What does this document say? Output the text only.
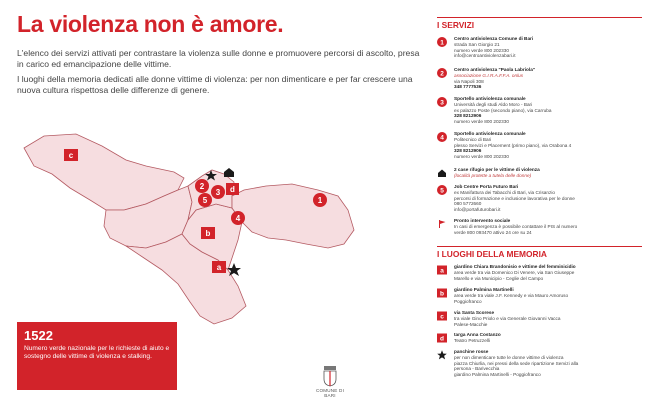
La violenza non è amore.

L'elenco dei servizi attivati per contrastare la violenza sulle donne e promuovere percorsi di ascolto, presa in carico ed emancipazione delle vittime.

I luoghi della memoria dedicati alle donne vittime di violenza: per non dimenticare e per far crescere una nuova cultura rispettosa delle differenze di genere.

c
1
2
3 d
5
4
b
a
1522
Numero verde nazionale per le richieste di aiuto e sostegno delle vittime di violenza e stalking.
COMUNE DI BARI
I SERVIZI
1
Centro antiviolenza Comune di Bari
strada San Giorgio 21
numero verde 800 202330
info@centroantiviolenzabari.it
2
Centro antiviolenza "Paola Labriola"
associazione G.I.R.A.F.F.A. onlus
via Napoli 308
348 7777536
3
Sportello antiviolenza comunale
Università degli studi Aldo Moro - Bari
ex palazzo Poste (secondo piano), via Carruba
328 8212906
numero verde 800 202330
4
Sportello antiviolenza comunale
Politecnico di Bari
plesso Servizi e Placement (primo piano), via Orabona 4
328 8212906
numero verde 800 202330
2 case rifugio per le vittime di violenza
(località protette a tutela delle donne)
5
Job Centre Porta Futuro Bari
ex Manifattura dei Tabacchi di Bari, via Crisanzio
percorsi di formazione e inclusione lavorativa per le donne
080 5772660
info@portafuturobari.it
Pronto intervento sociale
In casi di emergenza è possibile contattare il PIS al numero
verde 800 093470 attivo 24 ore su 24
I LUOGHI DELLA MEMORIA
a
giardino Chiara Brandonisio e vittime del femminicidio
area verde tra via Domenico Di Venere, via San Giuseppe
Marello e via Municipio - Ceglie del Campo
b
giardino Palmina Martinelli
area verde tra viale J.F. Kennedy e via Mauro Amoruso
Poggiofranco
c
via Santa Scorese
tra viale Gino Priolo e via Generale Giovanni Vacca
Palese-Macchie
d
targa Anna Costanzo
Teatro Petruzzelli
panchine rosse
per non dimenticare tutte le donne vittime di violenza
piazza Chiurlia, nei pressi della sede ripartizione Servizi alla
persona - Barivecchia
giardino Palmina Martinelli - Poggiofranco
